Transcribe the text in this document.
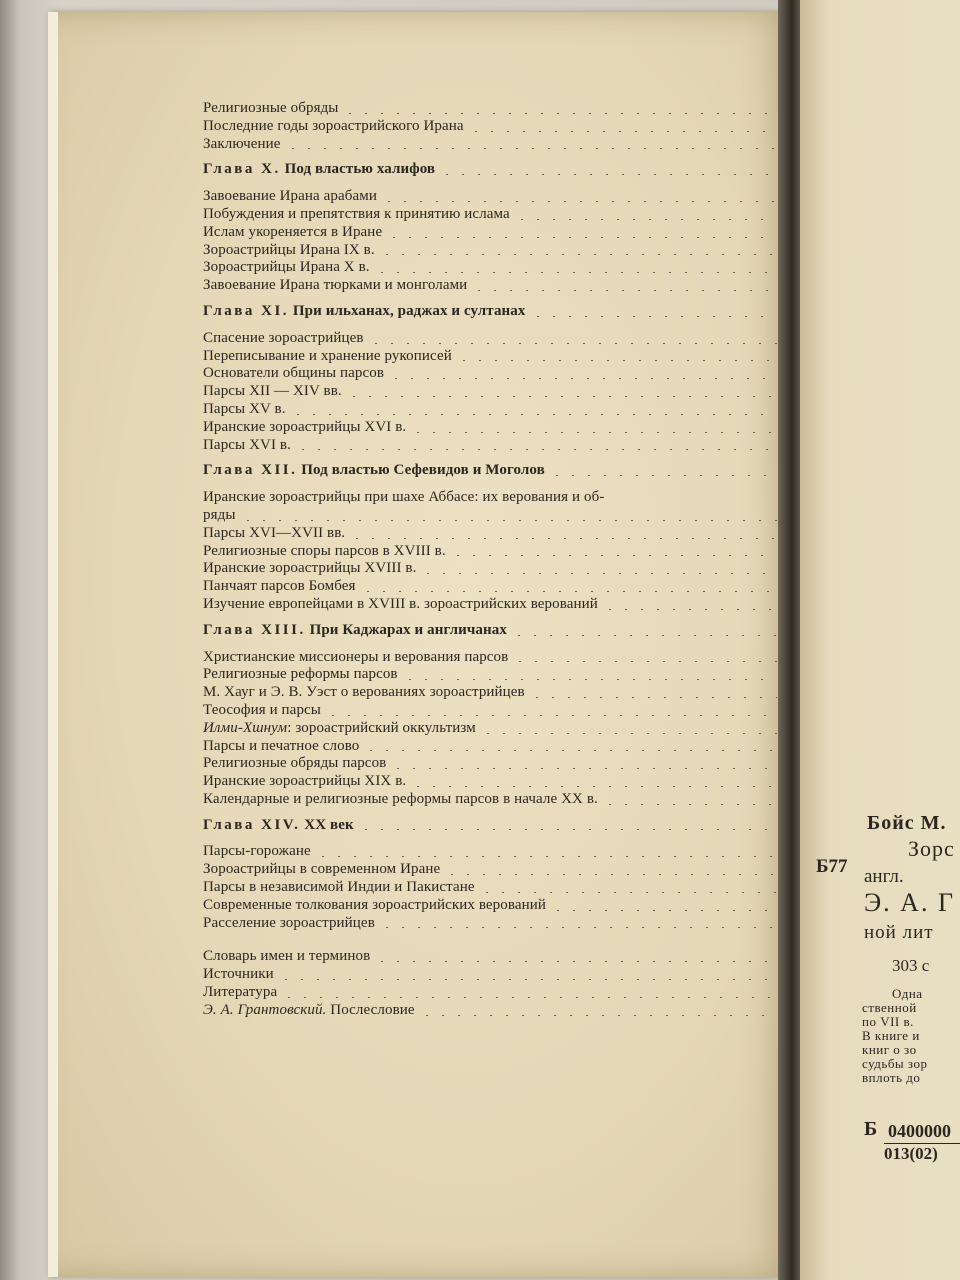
Религиозные обряды
Последние годы зороастрийского Ирана
Заключение
Глава X. Под властью халифов
Завоевание Ирана арабами
Побуждения и препятствия к принятию ислама
Ислам укореняется в Иране
Зороастрийцы Ирана IX в.
Зороастрийцы Ирана X в.
Завоевание Ирана тюрками и монголами
Глава XI. При ильханах, раджах и султанах
Спасение зороастрийцев
Переписывание и хранение рукописей
Основатели общины парсов
Парсы XII — XIV вв.
Парсы XV в.
Иранские зороастрийцы XVI в.
Парсы XVI в.
Глава XII. Под властью Сефевидов и Моголов
Иранские зороастрийцы при шахе Аббасе: их верования и об-
ряды
Парсы XVI—XVII вв.
Религиозные споры парсов в XVIII в.
Иранские зороастрийцы XVIII в.
Панчаят парсов Бомбея
Изучение европейцами в XVIII в. зороастрийских верований
Глава XIII. При Каджарах и англичанах
Христианские миссионеры и верования парсов
Религиозные реформы парсов
М. Хауг и Э. В. Уэст о верованиях зороастрийцев
Теософия и парсы
Илми-Хшнум: зороастрийский оккультизм
Парсы и печатное слово
Религиозные обряды парсов
Иранские зороастрийцы XIX в.
Календарные и религиозные реформы парсов в начале XX в.
Глава XIV. XX век
Парсы-горожане
Зороастрийцы в современном Иране
Парсы в независимой Индии и Пакистане
Современные толкования зороастрийских верований
Расселение зороастрийцев
Словарь имен и терминов
Источники
Литература
Э. А. Грантовский. Послесловие
Бойс М.
Зорс
Б77 англ.
Э. А. Г
ной лит
303 с
Одна
ственной
по VII в.
В книге и
книг о зо
судьбы зор
вплоть до
Б 0400000
013(02)
